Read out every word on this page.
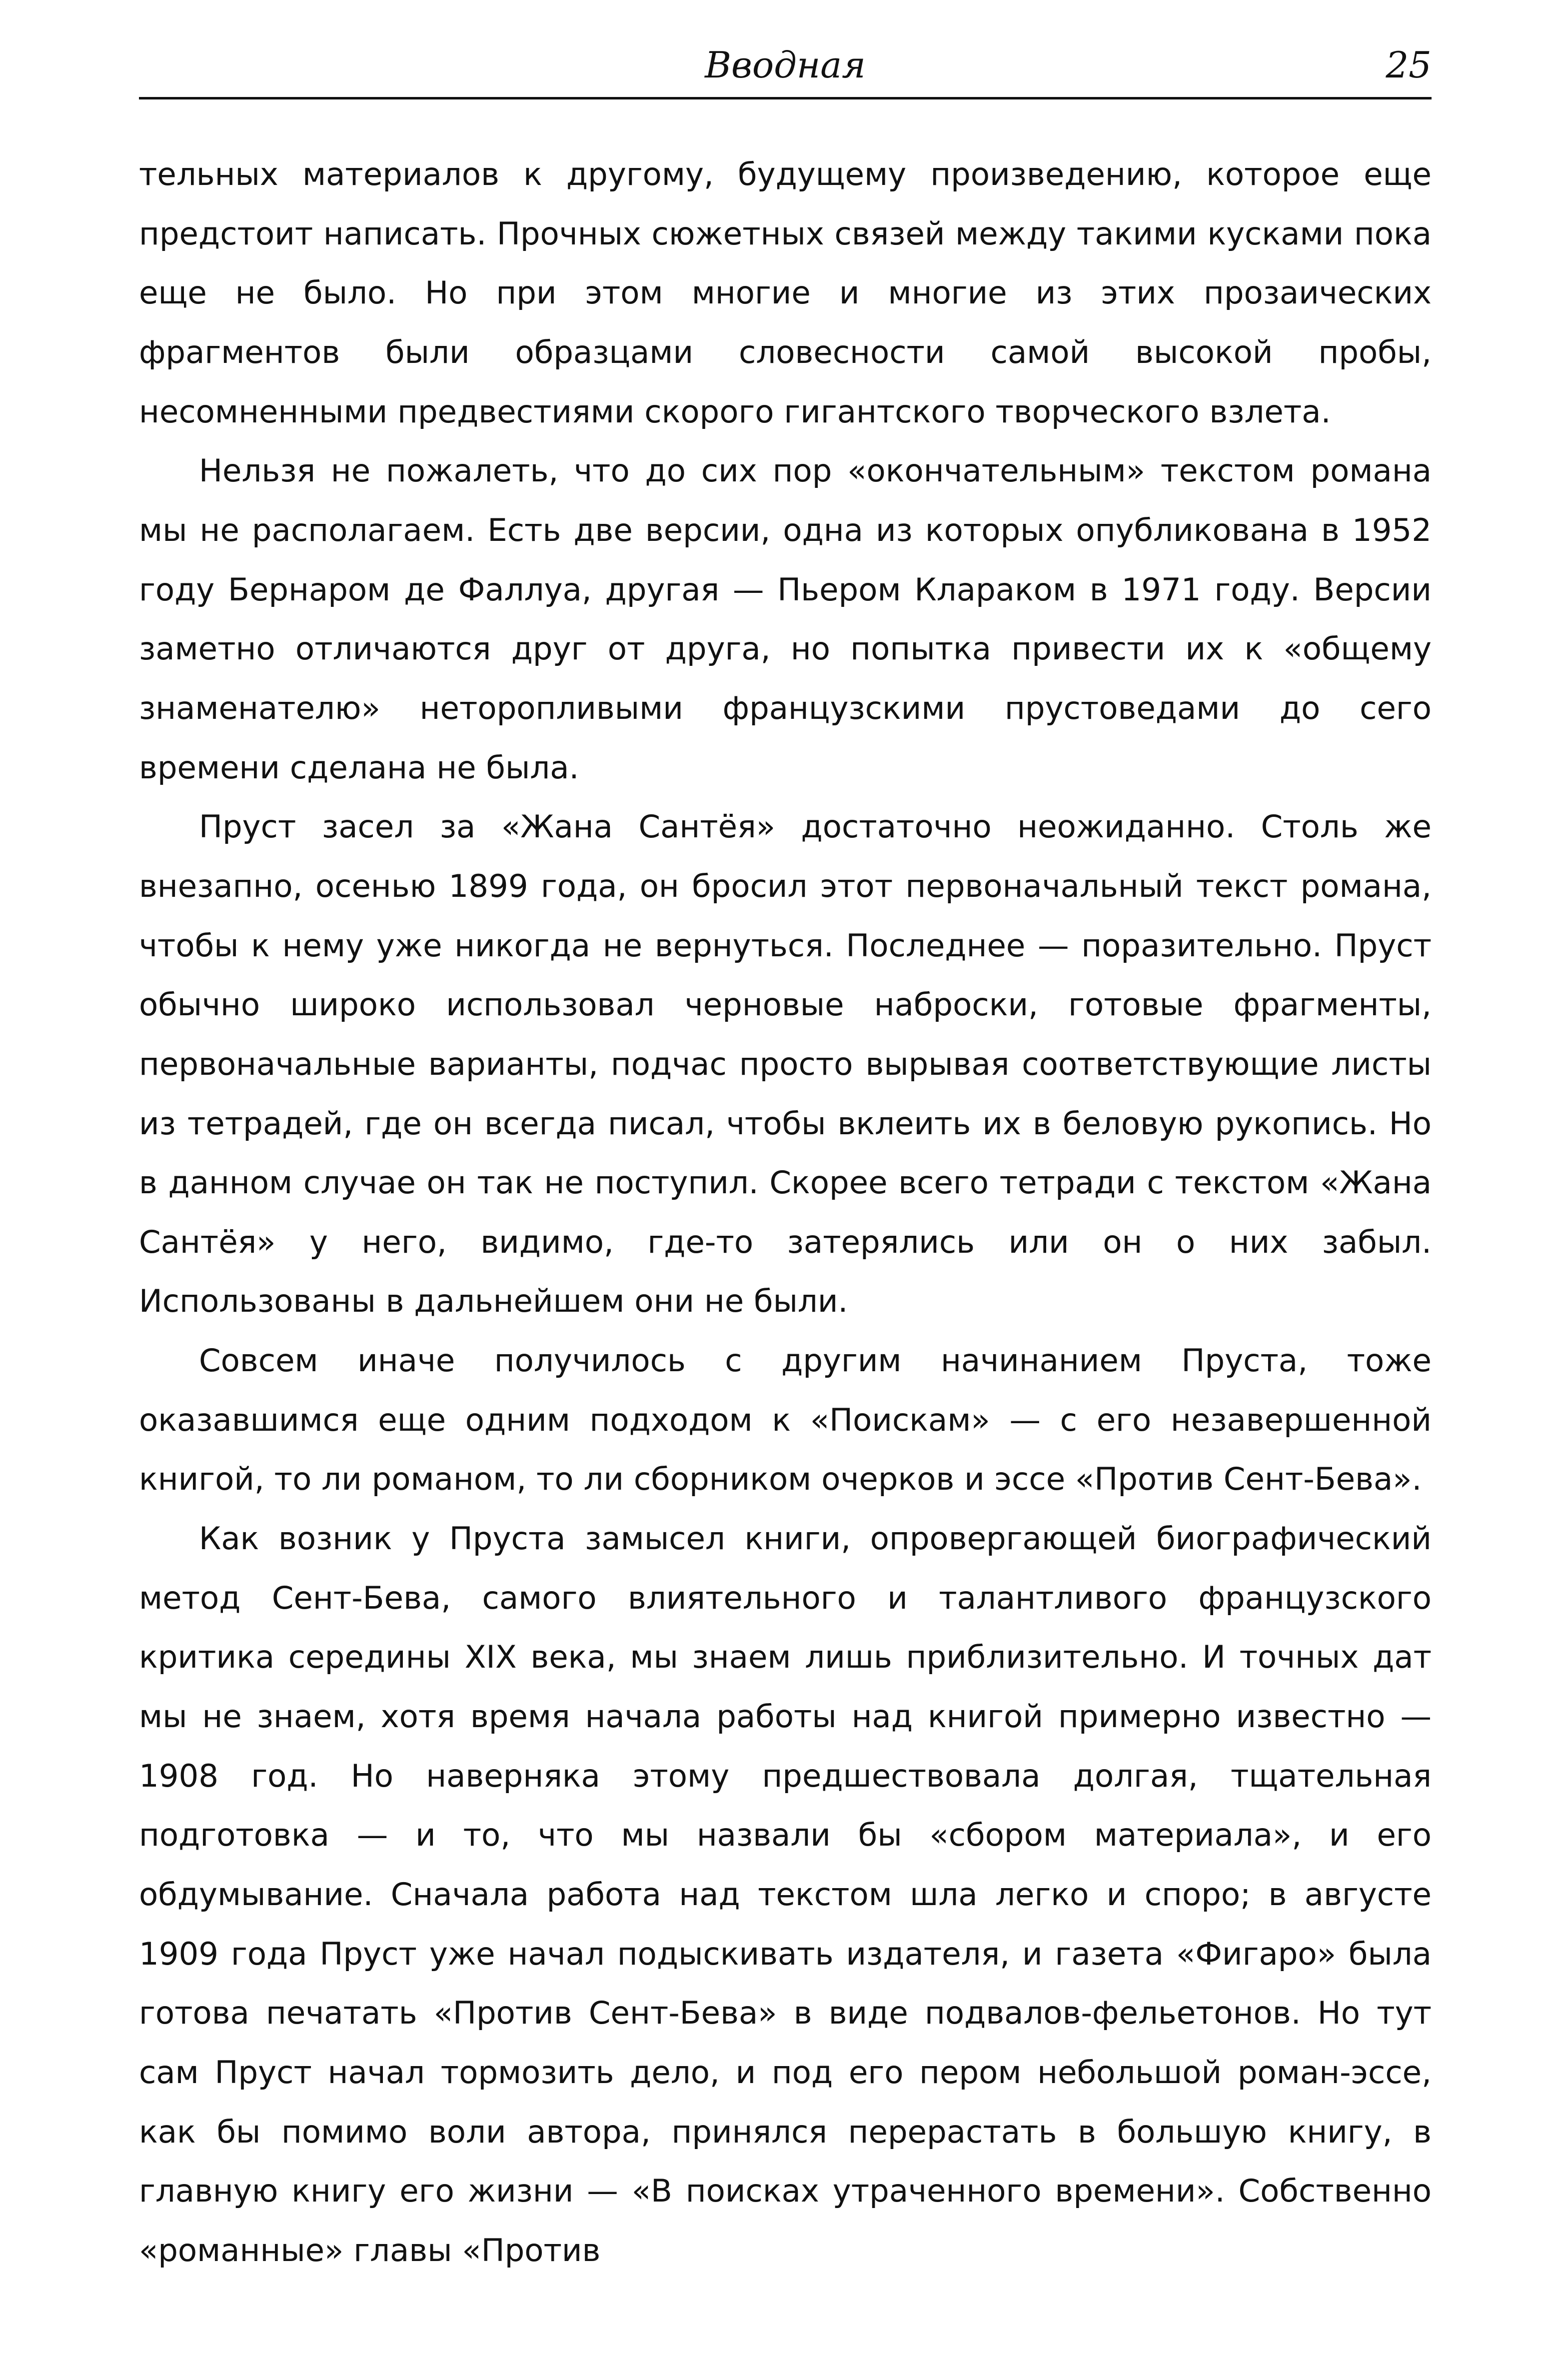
Вводная	25

тельных материалов к другому, будущему произведению, которое еще предстоит написать. Прочных сюжетных связей между такими кусками пока еще не было. Но при этом многие и многие из этих прозаических фрагментов были образцами словесности самой высокой пробы, несомненными предвестиями скорого гигантского творческого взлета.

Нельзя не пожалеть, что до сих пор «окончательным» текстом романа мы не располагаем. Есть две версии, одна из которых опубликована в 1952 году Бернаром де Фаллуа, другая — Пьером Клараком в 1971 году. Версии заметно отличаются друг от друга, но попытка привести их к «общему знаменателю» неторопливыми французскими прустоведами до сего времени сделана не была.

Пруст засел за «Жана Сантёя» достаточно неожиданно. Столь же внезапно, осенью 1899 года, он бросил этот первоначальный текст романа, чтобы к нему уже никогда не вернуться. Последнее — поразительно. Пруст обычно широко использовал черновые наброски, готовые фрагменты, первоначальные варианты, подчас просто вырывая соответствующие листы из тетрадей, где он всегда писал, чтобы вклеить их в беловую рукопись. Но в данном случае он так не поступил. Скорее всего тетради с текстом «Жана Сантёя» у него, видимо, где-то затерялись или он о них забыл. Использованы в дальнейшем они не были.

Совсем иначе получилось с другим начинанием Пруста, тоже оказавшимся еще одним подходом к «Поискам» — с его незавершенной книгой, то ли романом, то ли сборником очерков и эссе «Против Сент-Бева».

Как возник у Пруста замысел книги, опровергающей биографический метод Сент-Бева, самого влиятельного и талантливого французского критика середины XIX века, мы знаем лишь приблизительно. И точных дат мы не знаем, хотя время начала работы над книгой примерно известно — 1908 год. Но наверняка этому предшествовала долгая, тщательная подготовка — и то, что мы назвали бы «сбором материала», и его обдумывание. Сначала работа над текстом шла легко и споро; в августе 1909 года Пруст уже начал подыскивать издателя, и газета «Фигаро» была готова печатать «Против Сент-Бева» в виде подвалов-фельетонов. Но тут сам Пруст начал тормозить дело, и под его пером небольшой роман-эссе, как бы помимо воли автора, принялся перерастать в большую книгу, в главную книгу его жизни — «В поисках утраченного времени». Собственно «романные» главы «Против
